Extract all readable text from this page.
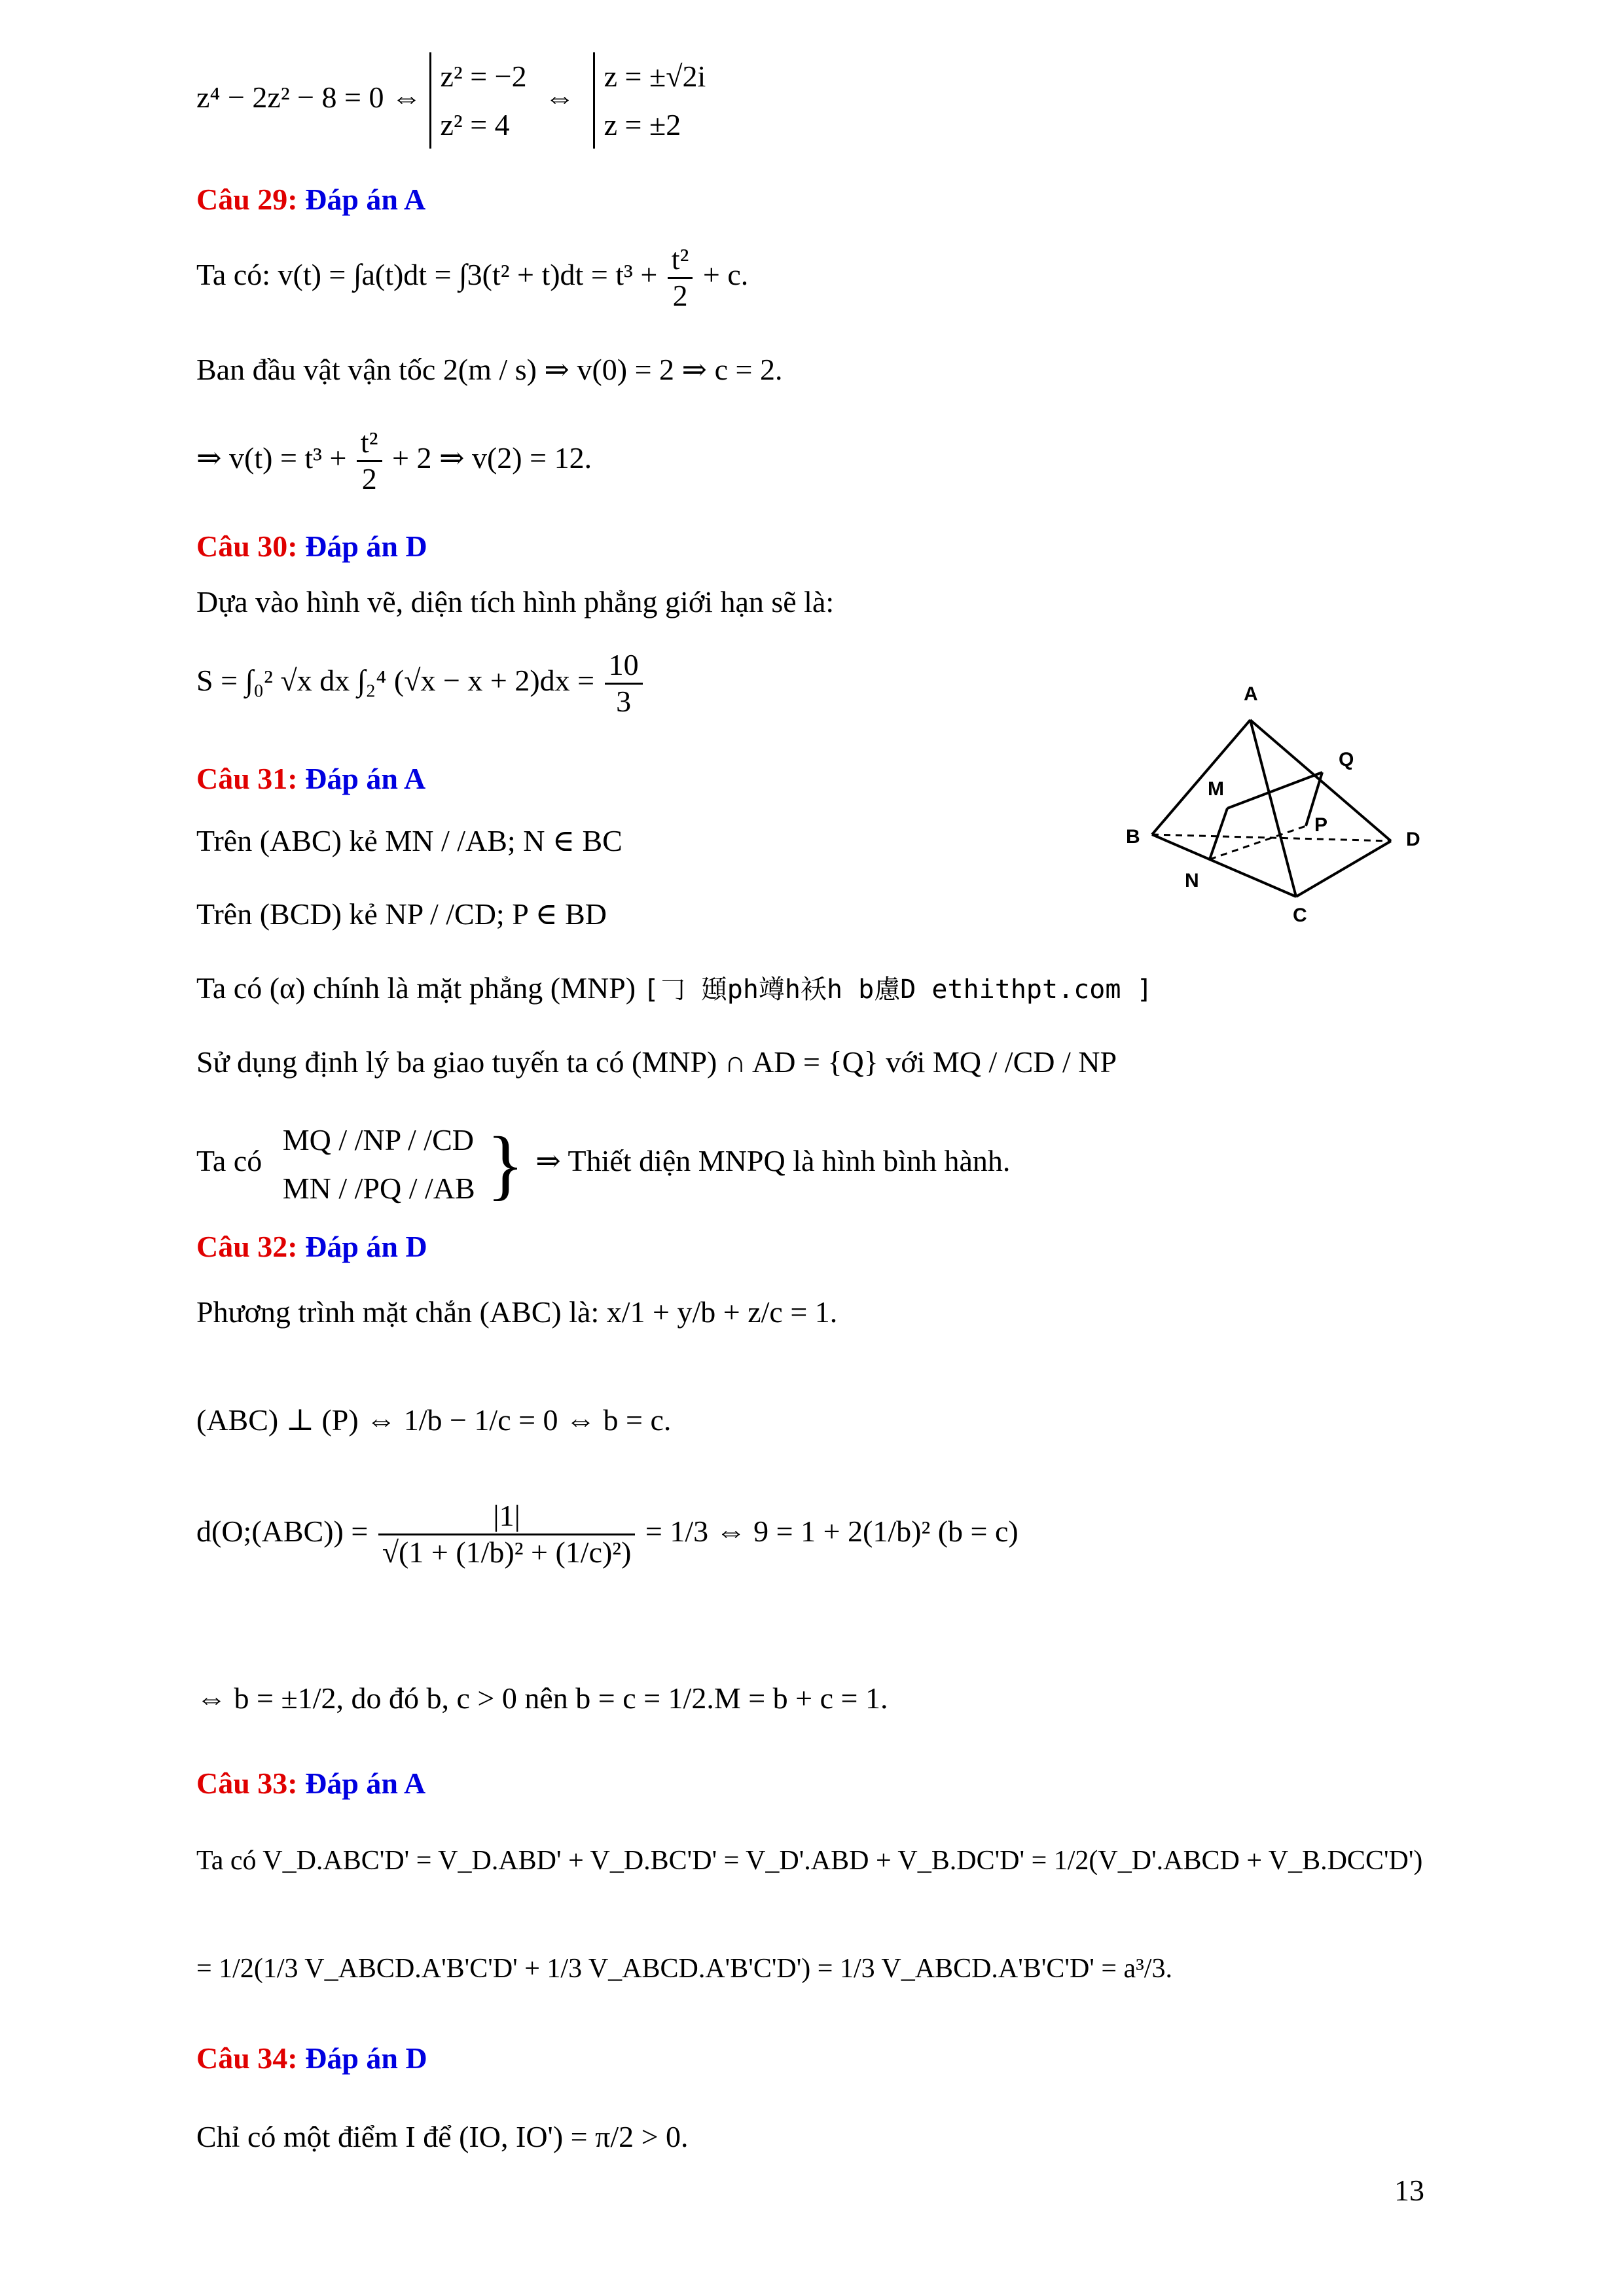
z⁴ − 2z² − 8 = 0 ⇔ z² = −2
z² = 4 ⇔ z = ±√2i
z = ±2
Câu 29: Đáp án A
Ta có: $v(t) = \int a(t)dt = \int 3(t^2 + t)dt = t^3 + \frac{\text{t²}}{2} + c$.
Ban đầu vật vận tốc 2(m / s) ⇒ v(0) = 2 ⇒ c = 2.
⇒ $v(t) = t^3 + \frac{\text{t²}}{2} + 2$ ⇒ v(2) = 12.
Câu 30: Đáp án D
Dựa vào hình vẽ, diện tích hình phẳng giới hạn sẽ là:
S = ∫₀² √x dx ∫₂⁴ $(√x - x + 2)dx = \frac{10}{3}$
Câu 31: Đáp án A
Trên (ABC) kẻ MN / /AB; N ∈ BC
Trên (BCD) kẻ NP / /CD; P ∈ BD
Ta có (α) chính là mặt phẳng (MNP) [𠃌 頲ph竴h袄h b慮D ethithpt.com ]
Sử dụng định lý ba giao tuyến ta có (MNP) ∩ AD = {Q} với MQ / /CD / NP
Ta có MQ / /NP / /CD
MN / /PQ / /AB } ⇒ Thiết diện MNPQ là hình bình hành.
A
B
C
D
M
N
P
Q
Câu 32: Đáp án D
Phương trình mặt chắn (ABC) là: x/1 + y/b + z/c = 1.
(ABC) ⊥ (P) ⇔ 1/b − 1/c = 0 ⇔ b = c.
d(O;(ABC)) = $\frac{|1|}{\text{√(1 + (1/b)² + (1/c)²)}} = 1/3$ ⇔ 9 = 1 + 2(1/b)² (b = c)
⇔ b = ±1/2, do đó b, c > 0 nên b = c = 1/2.M = b + c = 1.
Câu 33: Đáp án A
Ta có V_D.ABC'D' = V_D.ABD' + V_D.BC'D' = V_D'.ABD + V_B.DC'D' = 1/2(V_D'.ABCD + V_B.DCC'D')
= 1/2(1/3 V_ABCD.A'B'C'D' + 1/3 V_ABCD.A'B'C'D') = 1/3 V_ABCD.A'B'C'D' = a³/3.
Câu 34: Đáp án D
Chỉ có một điểm I để (IO, IO') = π/2 > 0.
13
